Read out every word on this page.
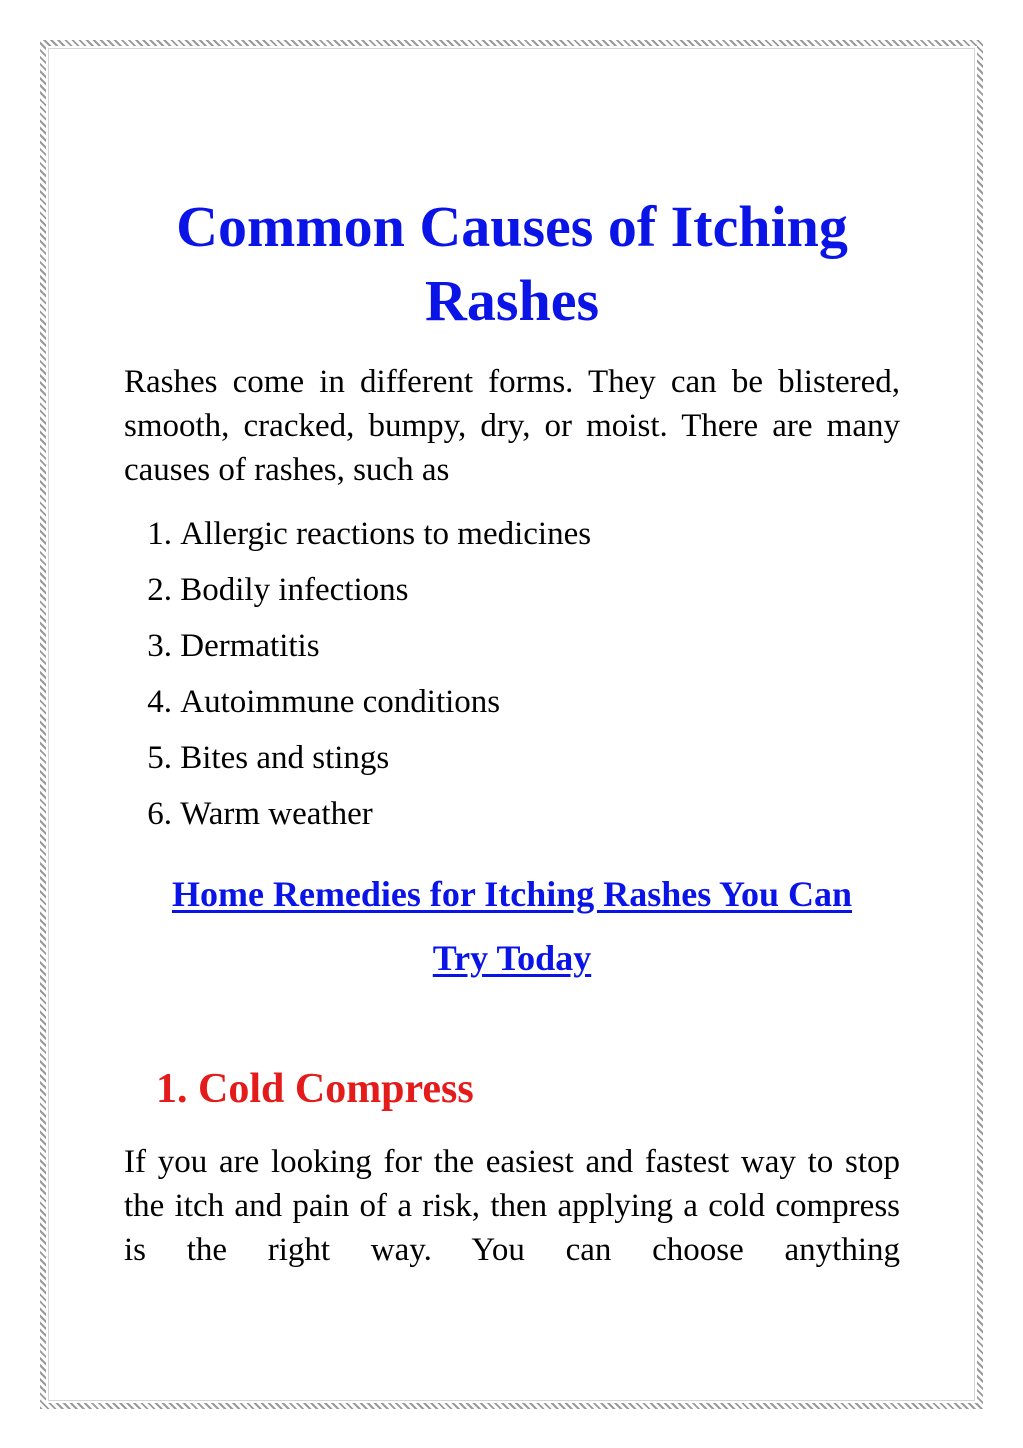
Common Causes of Itching Rashes

Rashes come in different forms. They can be blistered, smooth, cracked, bumpy, dry, or moist. There are many causes of rashes, such as

1.
Allergic reactions to medicines
2.
Bodily infections
3.
Dermatitis
4.
Autoimmune conditions
5.
Bites and stings
6.
Warm weather
Home Remedies for Itching Rashes You Can Try Today
1. Cold Compress

If you are looking for the easiest and fastest way to stop the itch and pain of a risk, then applying a cold compress is the right way. You can choose anything
